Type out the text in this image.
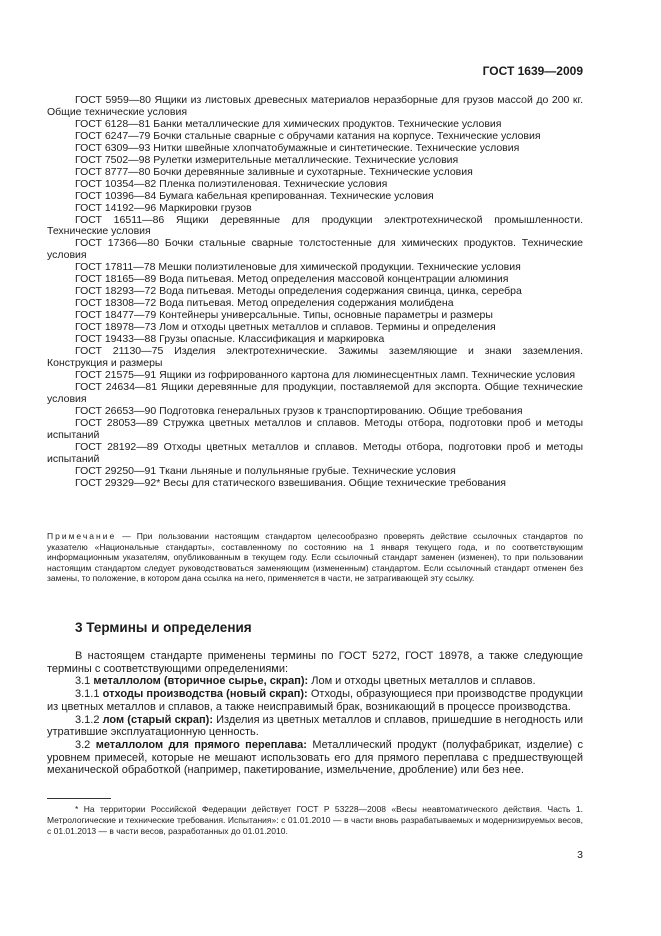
ГОСТ 1639—2009
ГОСТ 5959—80 Ящики из листовых древесных материалов неразборные для грузов массой до 200 кг. Общие технические условия
ГОСТ 6128—81 Банки металлические для химических продуктов. Технические условия
ГОСТ 6247—79 Бочки стальные сварные с обручами катания на корпусе. Технические условия
ГОСТ 6309—93 Нитки швейные хлопчатобумажные и синтетические. Технические условия
ГОСТ 7502—98 Рулетки измерительные металлические. Технические условия
ГОСТ 8777—80 Бочки деревянные заливные и сухотарные. Технические условия
ГОСТ 10354—82 Пленка полиэтиленовая. Технические условия
ГОСТ 10396—84 Бумага кабельная крепированная. Технические условия
ГОСТ 14192—96 Маркировки грузов
ГОСТ 16511—86 Ящики деревянные для продукции электротехнической промышленности. Технические условия
ГОСТ 17366—80 Бочки стальные сварные толстостенные для химических продуктов. Технические условия
ГОСТ 17811—78 Мешки полиэтиленовые для химической продукции. Технические условия
ГОСТ 18165—89 Вода питьевая. Метод определения массовой концентрации алюминия
ГОСТ 18293—72 Вода питьевая. Методы определения содержания свинца, цинка, серебра
ГОСТ 18308—72 Вода питьевая. Метод определения содержания молибдена
ГОСТ 18477—79 Контейнеры универсальные. Типы, основные параметры и размеры
ГОСТ 18978—73 Лом и отходы цветных металлов и сплавов. Термины и определения
ГОСТ 19433—88 Грузы опасные. Классификация и маркировка
ГОСТ 21130—75 Изделия электротехнические. Зажимы заземляющие и знаки заземления. Конструкция и размеры
ГОСТ 21575—91 Ящики из гофрированного картона для люминесцентных ламп. Технические условия
ГОСТ 24634—81 Ящики деревянные для продукции, поставляемой для экспорта. Общие технические условия
ГОСТ 26653—90 Подготовка генеральных грузов к транспортированию. Общие требования
ГОСТ 28053—89 Стружка цветных металлов и сплавов. Методы отбора, подготовки проб и методы испытаний
ГОСТ 28192—89 Отходы цветных металлов и сплавов. Методы отбора, подготовки проб и методы испытаний
ГОСТ 29250—91 Ткани льняные и полульняные грубые. Технические условия
ГОСТ 29329—92* Весы для статического взвешивания. Общие технические требования
Примечание — При пользовании настоящим стандартом целесообразно проверять действие ссылочных стандартов по указателю «Национальные стандарты», составленному по состоянию на 1 января текущего года, и по соответствующим информационным указателям, опубликованным в текущем году. Если ссылочный стандарт заменен (изменен), то при пользовании настоящим стандартом следует руководствоваться заменяющим (измененным) стандартом. Если ссылочный стандарт отменен без замены, то положение, в котором дана ссылка на него, применяется в части, не затрагивающей эту ссылку.
3 Термины и определения
В настоящем стандарте применены термины по ГОСТ 5272, ГОСТ 18978, а также следующие термины с соответствующими определениями:
3.1 металлолом (вторичное сырье, скрап): Лом и отходы цветных металлов и сплавов.
3.1.1 отходы производства (новый скрап): Отходы, образующиеся при производстве продукции из цветных металлов и сплавов, а также неисправимый брак, возникающий в процессе производства.
3.1.2 лом (старый скрап): Изделия из цветных металлов и сплавов, пришедшие в негодность или утратившие эксплуатационную ценность.
3.2 металлолом для прямого переплава: Металлический продукт (полуфабрикат, изделие) с уровнем примесей, которые не мешают использовать его для прямого переплава с предшествующей механической обработкой (например, пакетирование, измельчение, дробление) или без нее.
* На территории Российской Федерации действует ГОСТ Р 53228—2008 «Весы неавтоматического действия. Часть 1. Метрологические и технические требования. Испытания»: с 01.01.2010 — в части вновь разрабатываемых и модернизируемых весов, с 01.01.2013 — в части весов, разработанных до 01.01.2010.
3
